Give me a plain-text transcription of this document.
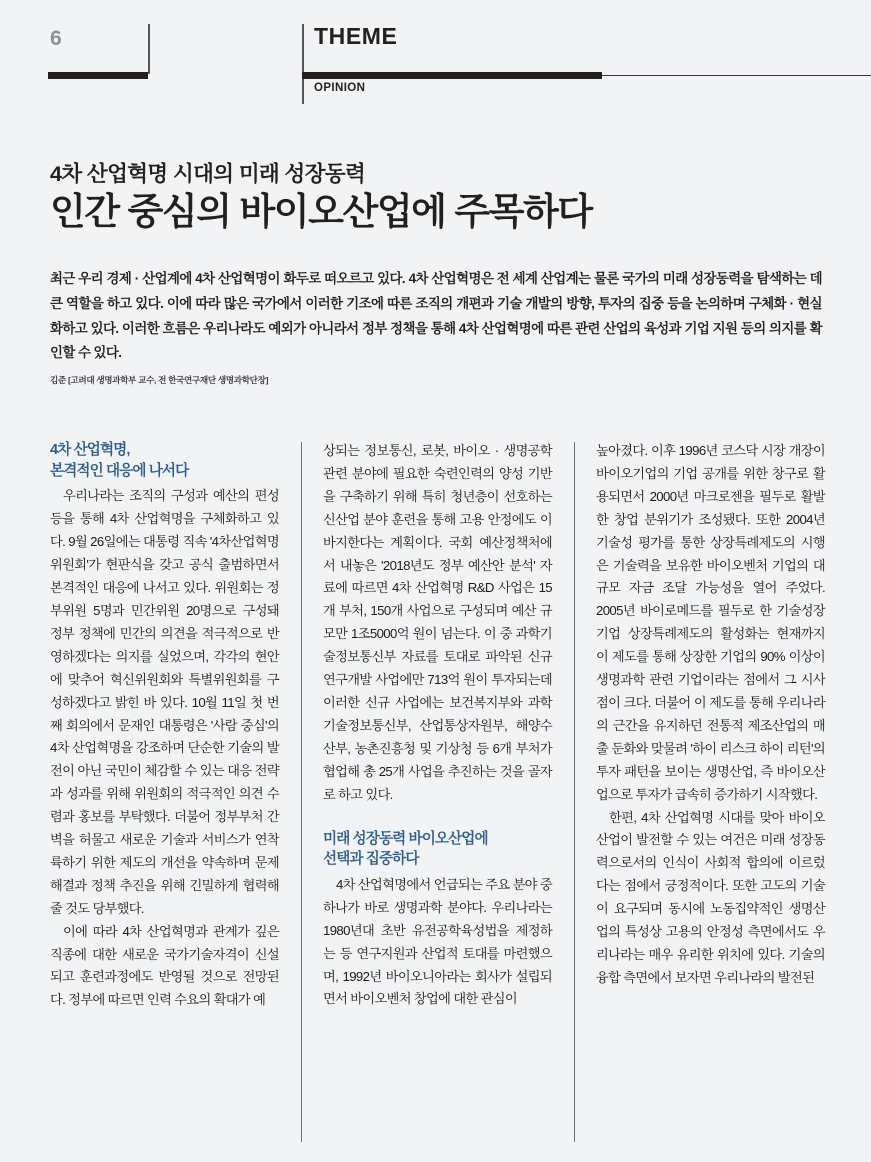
6	THEME
OPINION

4차 산업혁명 시대의 미래 성장동력

인간 중심의 바이오산업에 주목하다

최근 우리 경제 · 산업계에 4차 산업혁명이 화두로 떠오르고 있다. 4차 산업혁명은 전 세계 산업계는 물론 국가의 미래 성장동력을 탐색하는 데 큰 역할을 하고 있다. 이에 따라 많은 국가에서 이러한 기조에 따른 조직의 개편과 기술 개발의 방향, 투자의 집중 등을 논의하며 구체화 · 현실화하고 있다. 이러한 흐름은 우리나라도 예외가 아니라서 정부 정책을 통해 4차 산업혁명에 따른 관련 산업의 육성과 기업 지원 등의 의지를 확인할 수 있다.

김준 [고려대 생명과학부 교수, 전 한국연구재단 생명과학단장]
4차 산업혁명,
본격적인 대응에 나서다

우리나라는 조직의 구성과 예산의 편성 등을 통해 4차 산업혁명을 구체화하고 있다. 9월 26일에는 대통령 직속 '4차산업혁명위원회'가 현판식을 갖고 공식 출범하면서 본격적인 대응에 나서고 있다. 위원회는 정부위원 5명과 민간위원 20명으로 구성돼 정부 정책에 민간의 의견을 적극적으로 반영하겠다는 의지를 실었으며, 각각의 현안에 맞추어 혁신위원회와 특별위원회를 구성하겠다고 밝힌 바 있다. 10월 11일 첫 번째 회의에서 문재인 대통령은 '사람 중심'의 4차 산업혁명을 강조하며 단순한 기술의 발전이 아닌 국민이 체감할 수 있는 대응 전략과 성과를 위해 위원회의 적극적인 의견 수렴과 홍보를 부탁했다. 더불어 정부부처 간 벽을 허물고 새로운 기술과 서비스가 연착륙하기 위한 제도의 개선을 약속하며 문제 해결과 정책 추진을 위해 긴밀하게 협력해 줄 것도 당부했다.

이에 따라 4차 산업혁명과 관계가 깊은 직종에 대한 새로운 국가기술자격이 신설되고 훈련과정에도 반영될 것으로 전망된다. 정부에 따르면 인력 수요의 확대가 예

상되는 정보통신, 로봇, 바이오 · 생명공학 관련 분야에 필요한 숙련인력의 양성 기반을 구축하기 위해 특히 청년층이 선호하는 신산업 분야 훈련을 통해 고용 안정에도 이바지한다는 계획이다. 국회 예산정책처에서 내놓은 '2018년도 정부 예산안 분석' 자료에 따르면 4차 산업혁명 R&D 사업은 15개 부처, 150개 사업으로 구성되며 예산 규모만 1조5000억 원이 넘는다. 이 중 과학기술정보통신부 자료를 토대로 파악된 신규 연구개발 사업에만 713억 원이 투자되는데 이러한 신규 사업에는 보건복지부와 과학기술정보통신부, 산업통상자원부, 해양수산부, 농촌진흥청 및 기상청 등 6개 부처가 협업해 총 25개 사업을 추진하는 것을 골자로 하고 있다.

미래 성장동력 바이오산업에
선택과 집중하다

4차 산업혁명에서 언급되는 주요 분야 중 하나가 바로 생명과학 분야다. 우리나라는 1980년대 초반 유전공학육성법을 제정하는 등 연구지원과 산업적 토대를 마련했으며, 1992년 바이오니아라는 회사가 설립되면서 바이오벤처 창업에 대한 관심이

높아졌다. 이후 1996년 코스닥 시장 개장이 바이오기업의 기업 공개를 위한 창구로 활용되면서 2000년 마크로젠을 필두로 활발한 창업 분위기가 조성됐다. 또한 2004년 기술성 평가를 통한 상장특례제도의 시행은 기술력을 보유한 바이오벤처 기업의 대규모 자금 조달 가능성을 열어 주었다. 2005년 바이로메드를 필두로 한 기술성장기업 상장특례제도의 활성화는 현재까지 이 제도를 통해 상장한 기업의 90% 이상이 생명과학 관련 기업이라는 점에서 그 시사점이 크다. 더불어 이 제도를 통해 우리나라의 근간을 유지하던 전통적 제조산업의 매출 둔화와 맞물려 '하이 리스크 하이 리턴'의 투자 패턴을 보이는 생명산업, 즉 바이오산업으로 투자가 급속히 증가하기 시작했다.

한편, 4차 산업혁명 시대를 맞아 바이오산업이 발전할 수 있는 여건은 미래 성장동력으로서의 인식이 사회적 합의에 이르렀다는 점에서 긍정적이다. 또한 고도의 기술이 요구되며 동시에 노동집약적인 생명산업의 특성상 고용의 안정성 측면에서도 우리나라는 매우 유리한 위치에 있다. 기술의 융합 측면에서 보자면 우리나라의 발전된
